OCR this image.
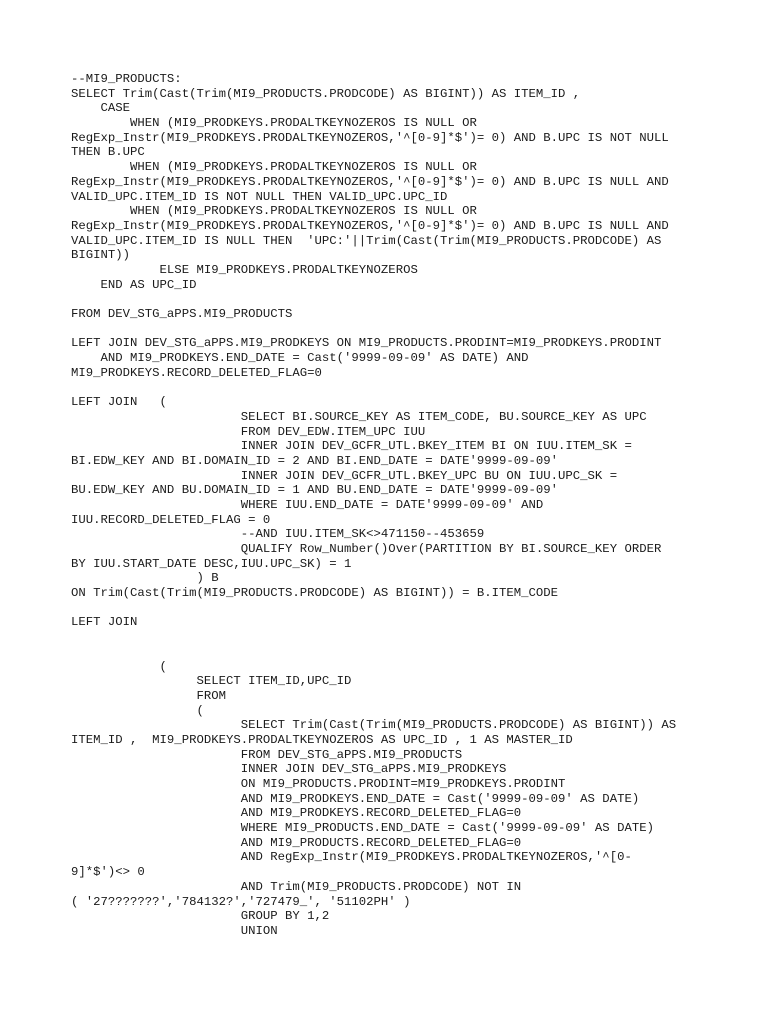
--MI9_PRODUCTS:
SELECT Trim(Cast(Trim(MI9_PRODUCTS.PRODCODE) AS BIGINT)) AS ITEM_ID ,
CASE
WHEN (MI9_PRODKEYS.PRODALTKEYNOZEROS IS NULL OR
RegExp_Instr(MI9_PRODKEYS.PRODALTKEYNOZEROS,'^[0-9]*$')= 0) AND B.UPC IS NOT NULL
THEN B.UPC
WHEN (MI9_PRODKEYS.PRODALTKEYNOZEROS IS NULL OR
RegExp_Instr(MI9_PRODKEYS.PRODALTKEYNOZEROS,'^[0-9]*$')= 0) AND B.UPC IS NULL AND
VALID_UPC.ITEM_ID IS NOT NULL THEN VALID_UPC.UPC_ID
WHEN (MI9_PRODKEYS.PRODALTKEYNOZEROS IS NULL OR
RegExp_Instr(MI9_PRODKEYS.PRODALTKEYNOZEROS,'^[0-9]*$')= 0) AND B.UPC IS NULL AND
VALID_UPC.ITEM_ID IS NULL THEN  'UPC:'||Trim(Cast(Trim(MI9_PRODUCTS.PRODCODE) AS
BIGINT))
ELSE MI9_PRODKEYS.PRODALTKEYNOZEROS
END AS UPC_ID
FROM DEV_STG_aPPS.MI9_PRODUCTS
LEFT JOIN DEV_STG_aPPS.MI9_PRODKEYS ON MI9_PRODUCTS.PRODINT=MI9_PRODKEYS.PRODINT
AND MI9_PRODKEYS.END_DATE = Cast('9999-09-09' AS DATE) AND
MI9_PRODKEYS.RECORD_DELETED_FLAG=0
LEFT JOIN   (
SELECT BI.SOURCE_KEY AS ITEM_CODE, BU.SOURCE_KEY AS UPC
FROM DEV_EDW.ITEM_UPC IUU
INNER JOIN DEV_GCFR_UTL.BKEY_ITEM BI ON IUU.ITEM_SK =
BI.EDW_KEY AND BI.DOMAIN_ID = 2 AND BI.END_DATE = DATE'9999-09-09'
INNER JOIN DEV_GCFR_UTL.BKEY_UPC BU ON IUU.UPC_SK =
BU.EDW_KEY AND BU.DOMAIN_ID = 1 AND BU.END_DATE = DATE'9999-09-09'
WHERE IUU.END_DATE = DATE'9999-09-09' AND
IUU.RECORD_DELETED_FLAG = 0
--AND IUU.ITEM_SK<>471150--453659
QUALIFY Row_Number()Over(PARTITION BY BI.SOURCE_KEY ORDER
BY IUU.START_DATE DESC,IUU.UPC_SK) = 1
) B
ON Trim(Cast(Trim(MI9_PRODUCTS.PRODCODE) AS BIGINT)) = B.ITEM_CODE
LEFT JOIN
(
SELECT ITEM_ID,UPC_ID
FROM
(
SELECT Trim(Cast(Trim(MI9_PRODUCTS.PRODCODE) AS BIGINT)) AS
ITEM_ID ,  MI9_PRODKEYS.PRODALTKEYNOZEROS AS UPC_ID , 1 AS MASTER_ID
FROM DEV_STG_aPPS.MI9_PRODUCTS
INNER JOIN DEV_STG_aPPS.MI9_PRODKEYS
ON MI9_PRODUCTS.PRODINT=MI9_PRODKEYS.PRODINT
AND MI9_PRODKEYS.END_DATE = Cast('9999-09-09' AS DATE)
AND MI9_PRODKEYS.RECORD_DELETED_FLAG=0
WHERE MI9_PRODUCTS.END_DATE = Cast('9999-09-09' AS DATE)
AND MI9_PRODUCTS.RECORD_DELETED_FLAG=0
AND RegExp_Instr(MI9_PRODKEYS.PRODALTKEYNOZEROS,'^[0-
9]*$')<> 0
AND Trim(MI9_PRODUCTS.PRODCODE) NOT IN
( '27???????','784132?','727479_', '51102PH' )
GROUP BY 1,2
UNION
